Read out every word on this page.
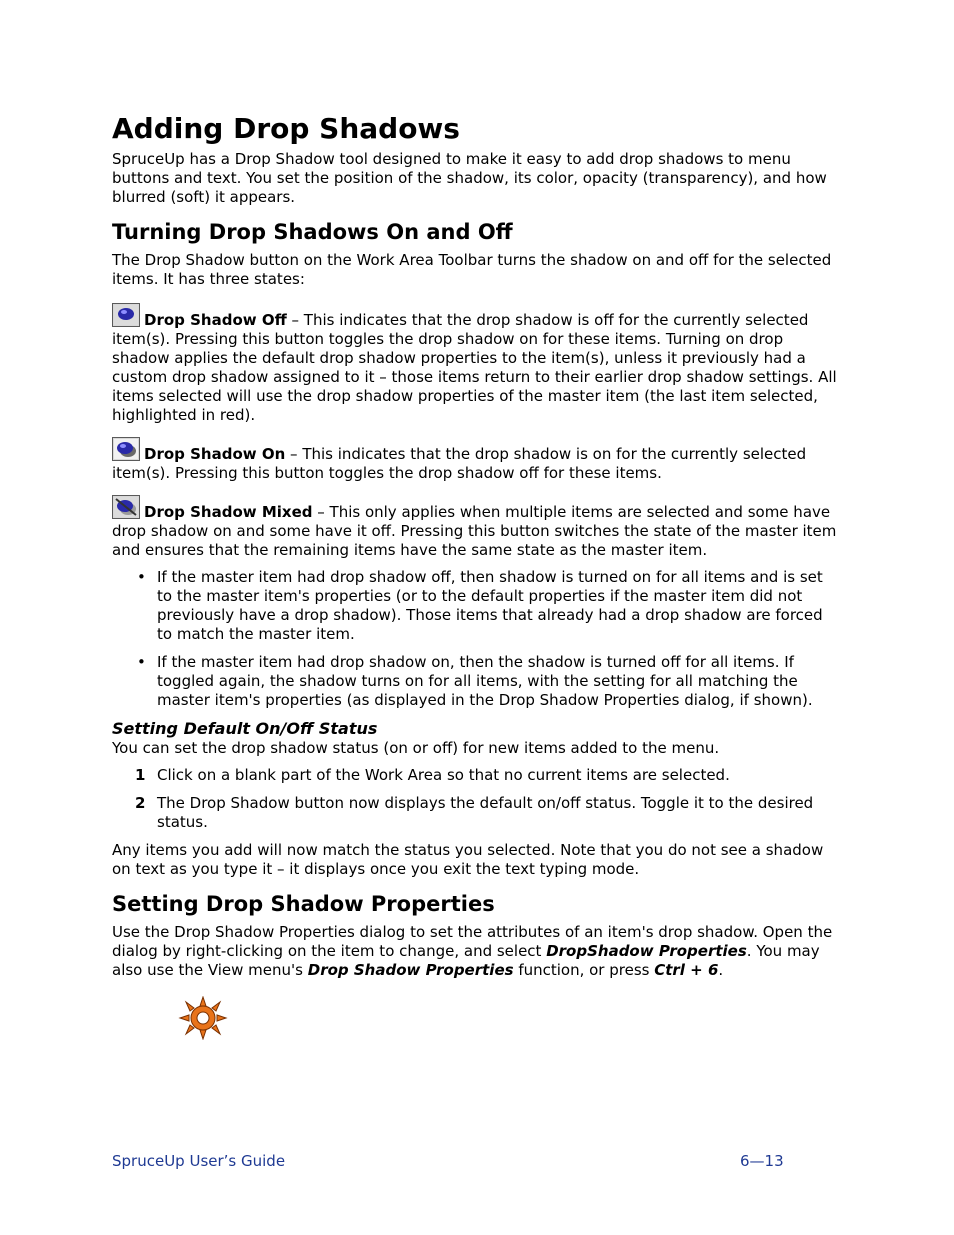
Adding Drop Shadows

SpruceUp has a Drop Shadow tool designed to make it easy to add drop shadows to menu buttons and text. You set the position of the shadow, its color, opacity (transparency), and how blurred (soft) it appears.

Turning Drop Shadows On and Off

The Drop Shadow button on the Work Area Toolbar turns the shadow on and off for the selected items. It has three states:

Drop Shadow Off – This indicates that the drop shadow is off for the currently selected item(s). Pressing this button toggles the drop shadow on for these items. Turning on drop shadow applies the default drop shadow properties to the item(s), unless it previously had a custom drop shadow assigned to it – those items return to their earlier drop shadow settings. All items selected will use the drop shadow properties of the master item (the last item selected, highlighted in red).

Drop Shadow On – This indicates that the drop shadow is on for the currently selected item(s). Pressing this button toggles the drop shadow off for these items.

Drop Shadow Mixed – This only applies when multiple items are selected and some have drop shadow on and some have it off. Pressing this button switches the state of the master item and ensures that the remaining items have the same state as the master item.

• If the master item had drop shadow off, then shadow is turned on for all items and is set to the master item's properties (or to the default properties if the master item did not previously have a drop shadow). Those items that already had a drop shadow are forced to match the master item.
• If the master item had drop shadow on, then the shadow is turned off for all items. If toggled again, the shadow turns on for all items, with the setting for all matching the master item's properties (as displayed in the Drop Shadow Properties dialog, if shown).
Setting Default On/Off Status

You can set the drop shadow status (on or off) for new items added to the menu.

1 Click on a blank part of the Work Area so that no current items are selected.
2 The Drop Shadow button now displays the default on/off status. Toggle it to the desired status.

Any items you add will now match the status you selected. Note that you do not see a shadow on text as you type it – it displays once you exit the text typing mode.

Setting Drop Shadow Properties

Use the Drop Shadow Properties dialog to set the attributes of an item's drop shadow. Open the dialog by right-clicking on the item to change, and select DropShadow Properties. You may also use the View menu's Drop Shadow Properties function, or press Ctrl + 6.

SpruceUp User’s Guide	6—13
